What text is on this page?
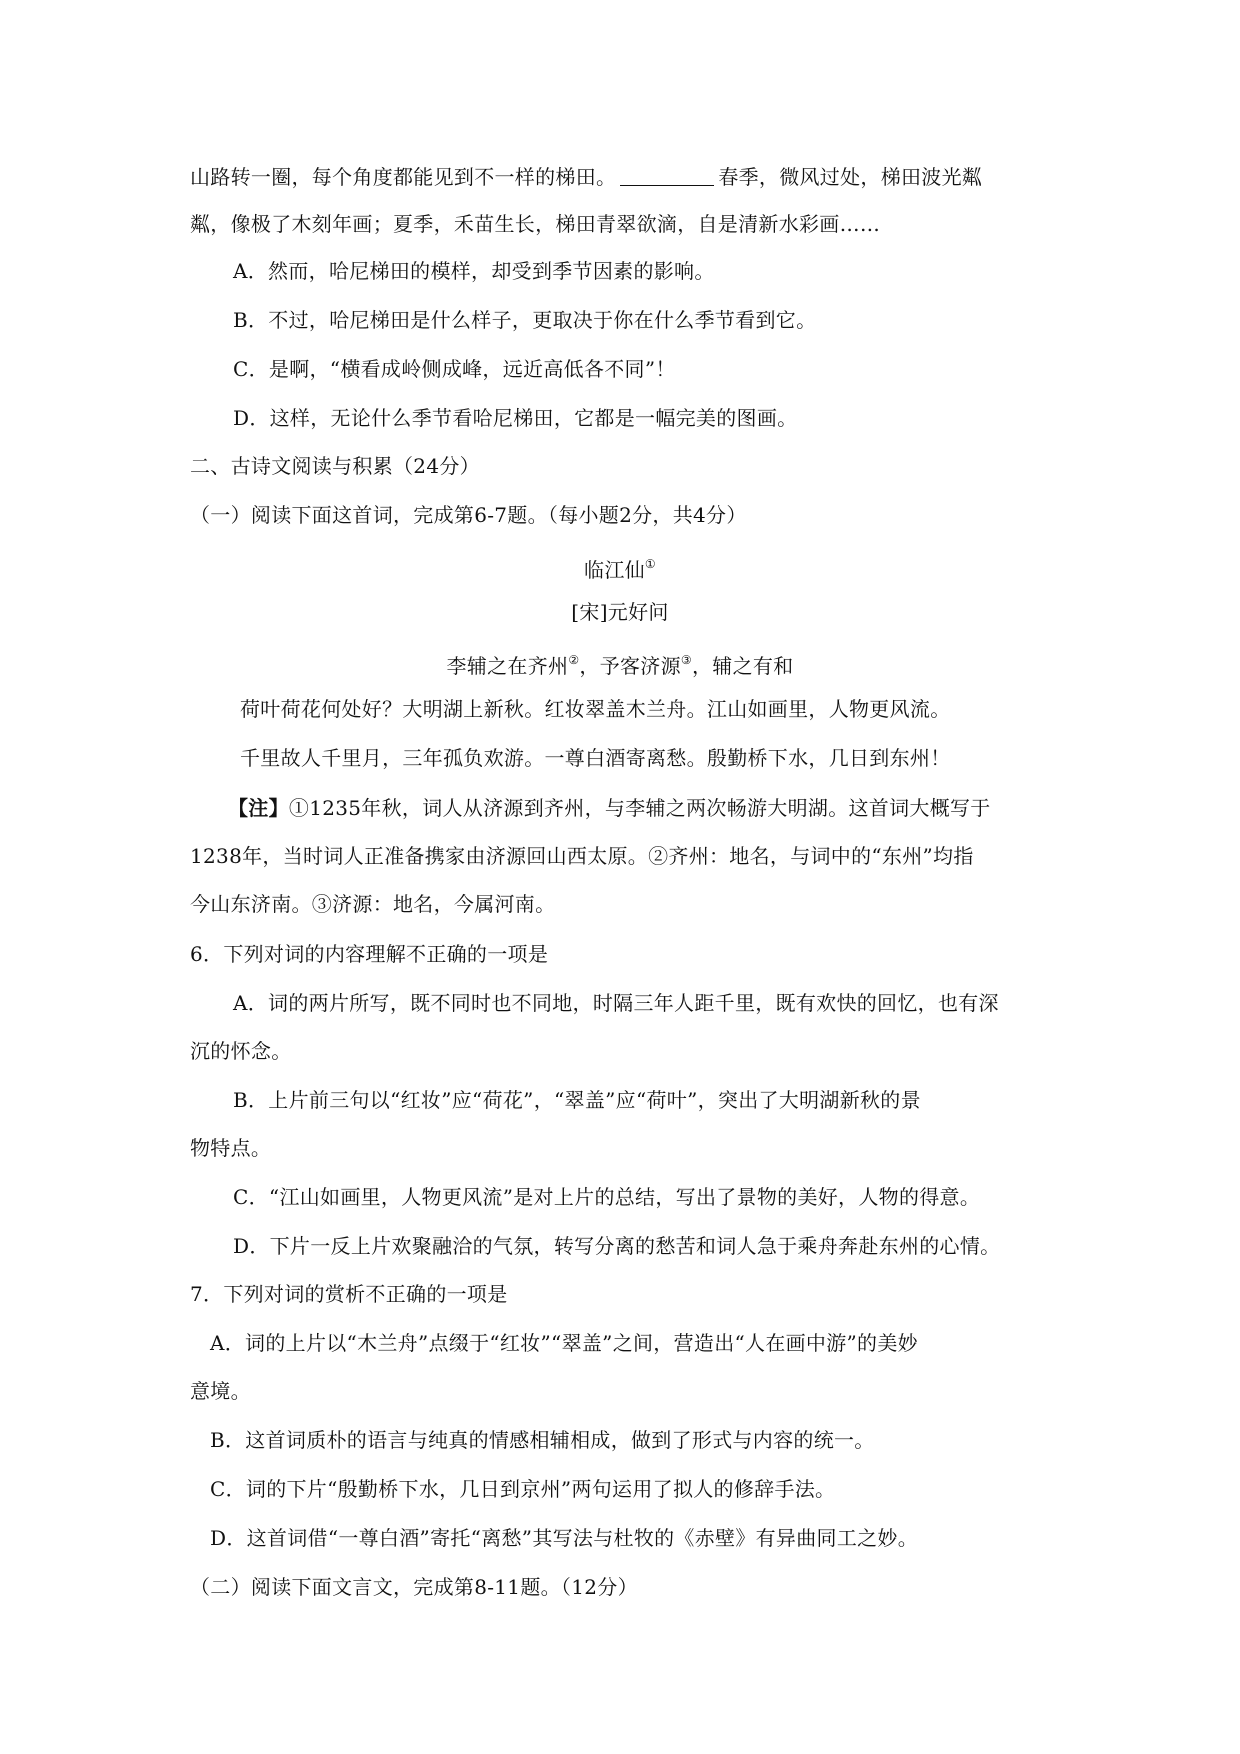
山路转一圈，每个角度都能见到不一样的梯田。	春季，微风过处，梯田波光粼

粼，像极了木刻年画；夏季，禾苗生长，梯田青翠欲滴，自是清新水彩画……

A．然而，哈尼梯田的模样，却受到季节因素的影响。

B．不过，哈尼梯田是什么样子，更取决于你在什么季节看到它。

C．是啊，“横看成岭侧成峰，远近高低各不同”！

D．这样，无论什么季节看哈尼梯田，它都是一幅完美的图画。

二、古诗文阅读与积累（24分）

（一）阅读下面这首词，完成第6-7题。（每小题2分，共4分）

临江仙①

[宋]元好问

李辅之在齐州②，予客济源③，辅之有和

荷叶荷花何处好？大明湖上新秋。红妆翠盖木兰舟。江山如画里，人物更风流。

千里故人千里月，三年孤负欢游。一尊白酒寄离愁。殷勤桥下水，几日到东州！

【注】①1235年秋，词人从济源到齐州，与李辅之两次畅游大明湖。这首词大概写于

1238年，当时词人正准备携家由济源回山西太原。②齐州：地名，与词中的“东州”均指

今山东济南。③济源：地名，今属河南。

6．下列对词的内容理解不正确的一项是

A．词的两片所写，既不同时也不同地，时隔三年人距千里，既有欢快的回忆，也有深

沉的怀念。

B．上片前三句以“红妆”应“荷花”，“翠盖”应“荷叶”，突出了大明湖新秋的景

物特点。

C．“江山如画里，人物更风流”是对上片的总结，写出了景物的美好，人物的得意。

D．下片一反上片欢聚融洽的气氛，转写分离的愁苦和词人急于乘舟奔赴东州的心情。

7．下列对词的赏析不正确的一项是

A．词的上片以“木兰舟”点缀于“红妆”“翠盖”之间，营造出“人在画中游”的美妙

意境。

B．这首词质朴的语言与纯真的情感相辅相成，做到了形式与内容的统一。

C．词的下片“殷勤桥下水，几日到京州”两句运用了拟人的修辞手法。

D．这首词借“一尊白酒”寄托“离愁”其写法与杜牧的《赤壁》有异曲同工之妙。

（二）阅读下面文言文，完成第8-11题。（12分）
